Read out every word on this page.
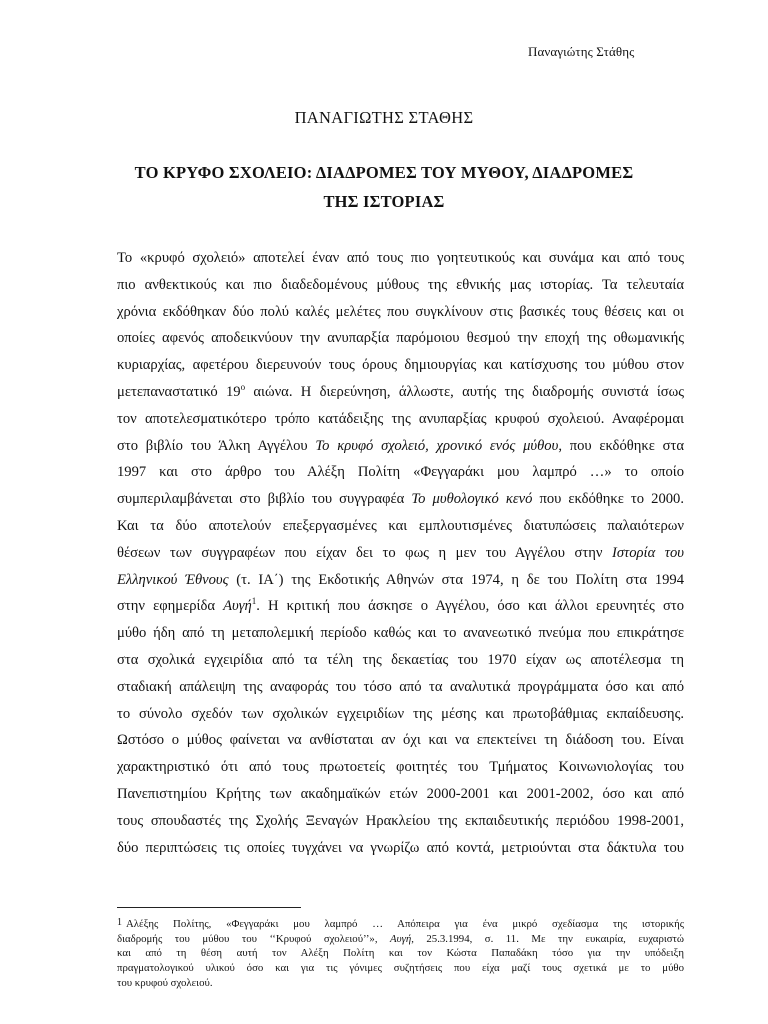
Παναγιώτης Στάθης
ΠΑΝΑΓΙΩΤΗΣ ΣΤΑΘΗΣ
ΤΟ ΚΡΥΦΟ ΣΧΟΛΕΙΟ: ΔΙΑΔΡΟΜΕΣ ΤΟΥ ΜΥΘΟΥ, ΔΙΑΔΡΟΜΕΣ
ΤΗΣ ΙΣΤΟΡΙΑΣ
Το «κρυφό σχολειό» αποτελεί έναν από τους πιο γοητευτικούς και συνάμα και από τους
πιο ανθεκτικούς και πιο διαδεδομένους μύθους της εθνικής μας ιστορίας. Τα τελευταία
χρόνια εκδόθηκαν δύο πολύ καλές μελέτες που συγκλίνουν στις βασικές τους θέσεις και οι
οποίες αφενός αποδεικνύουν την ανυπαρξία παρόμοιου θεσμού την εποχή της οθωμανικής
κυριαρχίας, αφετέρου διερευνούν τους όρους δημιουργίας και κατίσχυσης του μύθου στον
μετεπαναστατικό $19^o$ αιώνα. Η διερεύνηση, άλλωστε, αυτής της διαδρομής συνιστά ίσως
τον αποτελεσματικότερο τρόπο κατάδειξης της ανυπαρξίας κρυφού σχολειού. Αναφέρομαι
στο βιβλίο του Άλκη Αγγέλου Το κρυφό σχολειό, χρονικό ενός μύθου, που εκδόθηκε στα
1997 και στο άρθρο του Αλέξη Πολίτη «Φεγγαράκι μου λαμπρό …» το οποίο
συμπεριλαμβάνεται στο βιβλίο του συγγραφέα Το μυθολογικό κενό που εκδόθηκε το 2000.
Και τα δύο αποτελούν επεξεργασμένες και εμπλουτισμένες διατυπώσεις παλαιότερων
θέσεων των συγγραφέων που είχαν δει το φως η μεν του Αγγέλου στην Ιστορία του
Ελληνικού Έθνους (τ. ΙΑ΄) της Εκδοτικής Αθηνών στα 1974, η δε του Πολίτη στα 1994
στην εφημερίδα Αυγή$^1$. Η κριτική που άσκησε ο Αγγέλου, όσο και άλλοι ερευνητές στο
μύθο ήδη από τη μεταπολεμική περίοδο καθώς και το ανανεωτικό πνεύμα που επικράτησε
στα σχολικά εγχειρίδια από τα τέλη της δεκαετίας του 1970 είχαν ως αποτέλεσμα τη
σταδιακή απάλειψη της αναφοράς του τόσο από τα αναλυτικά προγράμματα όσο και από
το σύνολο σχεδόν των σχολικών εγχειριδίων της μέσης και πρωτοβάθμιας εκπαίδευσης.
Ωστόσο ο μύθος φαίνεται να ανθίσταται αν όχι και να επεκτείνει τη διάδοση του. Είναι
χαρακτηριστικό ότι από τους πρωτοετείς φοιτητές του Τμήματος Κοινωνιολογίας του
Πανεπιστημίου Κρήτης των ακαδημαϊκών ετών 2000-2001 και 2001-2002, όσο και από
τους σπουδαστές της Σχολής Ξεναγών Ηρακλείου της εκπαιδευτικής περιόδου 1998-2001,
δύο περιπτώσεις τις οποίες τυγχάνει να γνωρίζω από κοντά, μετριούνται στα δάκτυλα του
1 Αλέξης Πολίτης, «Φεγγαράκι μου λαμπρό … Απόπειρα για ένα μικρό σχεδίασμα της ιστορικής
διαδρομής του μύθου του ‘‘Κρυφού σχολειού’’», Αυγή, 25.3.1994, σ. 11. Με την ευκαιρία, ευχαριστώ
και από τη θέση αυτή τον Αλέξη Πολίτη και τον Κώστα Παπαδάκη τόσο για την υπόδειξη
πραγματολογικού υλικού όσο και για τις γόνιμες συζητήσεις που είχα μαζί τους σχετικά με το μύθο
του κρυφού σχολειού.
